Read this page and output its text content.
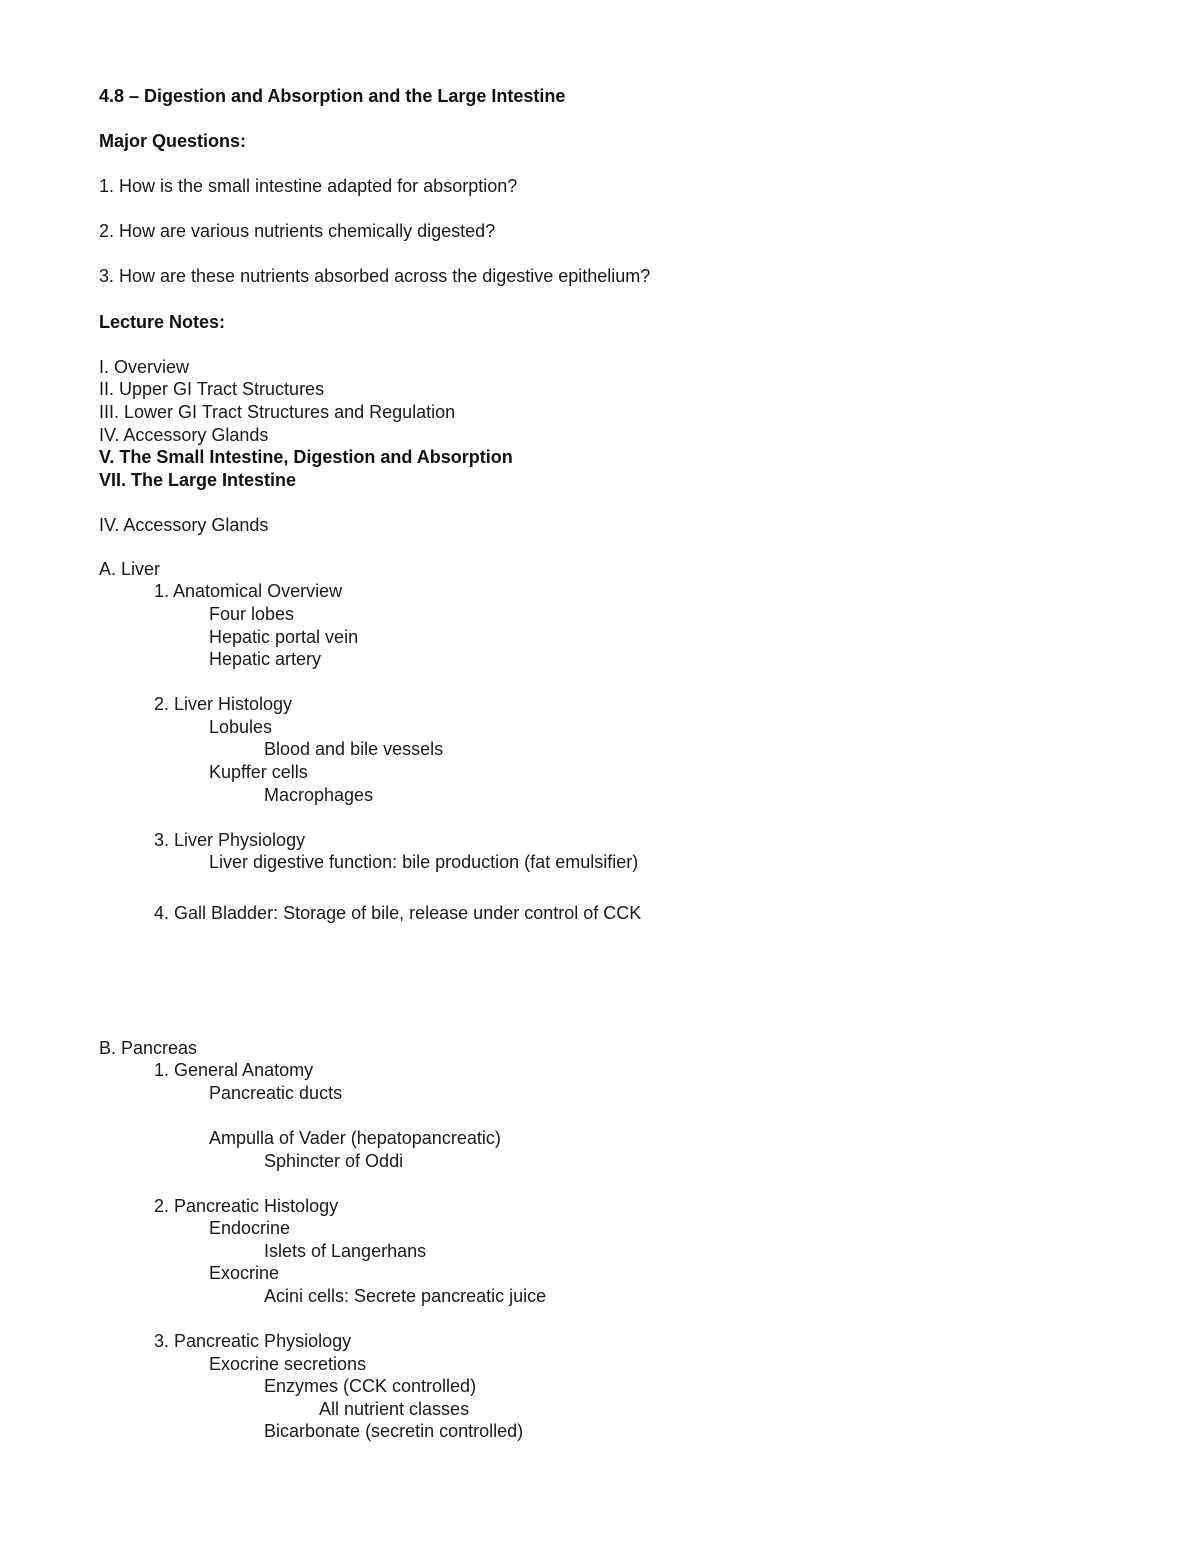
4.8 – Digestion and Absorption and the Large Intestine
Major Questions:
1. How is the small intestine adapted for absorption?
2. How are various nutrients chemically digested?
3. How are these nutrients absorbed across the digestive epithelium?
Lecture Notes:
I. Overview
II. Upper GI Tract Structures
III. Lower GI Tract Structures and Regulation
IV. Accessory Glands
V. The Small Intestine, Digestion and Absorption
VII. The Large Intestine
IV. Accessory Glands
A. Liver
1. Anatomical Overview
Four lobes
Hepatic portal vein
Hepatic artery
2. Liver Histology
Lobules
Blood and bile vessels
Kupffer cells
Macrophages
3. Liver Physiology
Liver digestive function: bile production (fat emulsifier)
4. Gall Bladder: Storage of bile, release under control of CCK
B. Pancreas
1. General Anatomy
Pancreatic ducts
Ampulla of Vader (hepatopancreatic)
Sphincter of Oddi
2. Pancreatic Histology
Endocrine
Islets of Langerhans
Exocrine
Acini cells: Secrete pancreatic juice
3. Pancreatic Physiology
Exocrine secretions
Enzymes (CCK controlled)
All nutrient classes
Bicarbonate (secretin controlled)
